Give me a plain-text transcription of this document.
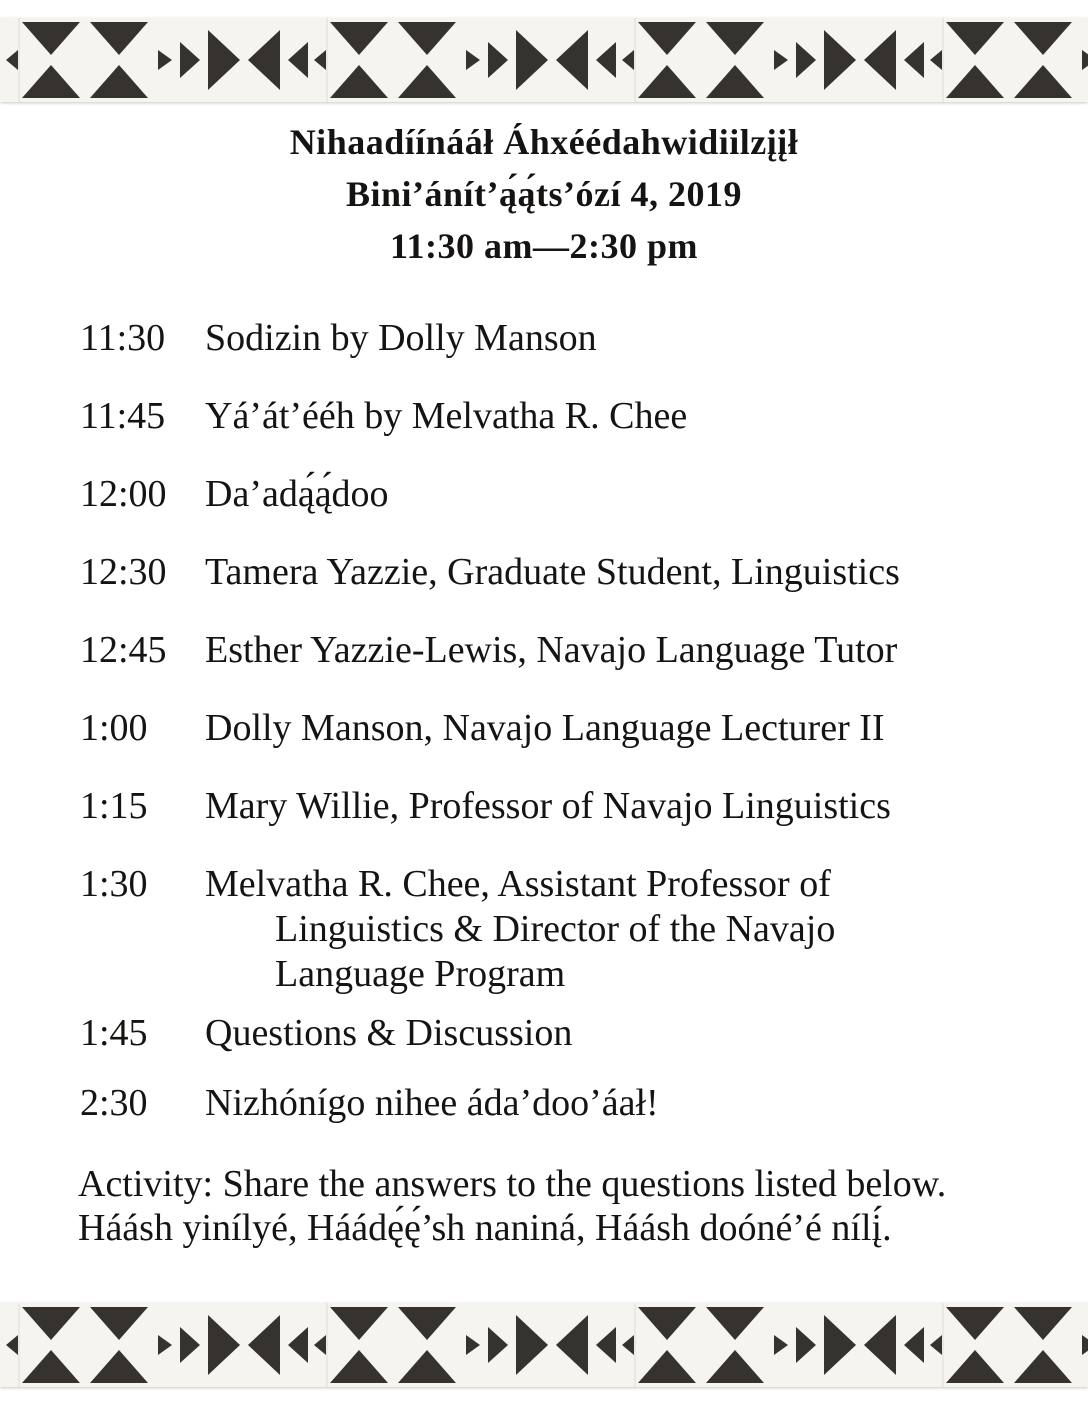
Nihaadíínááł Áhxéédahwidiilzįįł
Bini’ánít’ą́ą́ts’ózí 4, 2019
11:30 am—2:30 pm
11:30	Sodizin by Dolly Manson
11:45	Yá’át’ééh by Melvatha R. Chee
12:00	Da’adą́ą́doo
12:30	Tamera Yazzie, Graduate Student, Linguistics
12:45	Esther Yazzie-Lewis, Navajo Language Tutor
1:00	Dolly Manson, Navajo Language Lecturer II
1:15	Mary Willie, Professor of Navajo Linguistics
1:30	Melvatha R. Chee, Assistant Professor of Linguistics & Director of the Navajo Language Program
1:45	Questions & Discussion
2:30	Nizhónígo nihee áda’doo’áał!
Activity: Share the answers to the questions listed below.
Háásh yinílyé, Háádę́ę́’sh naniná, Háásh doóné’é nílį́.
